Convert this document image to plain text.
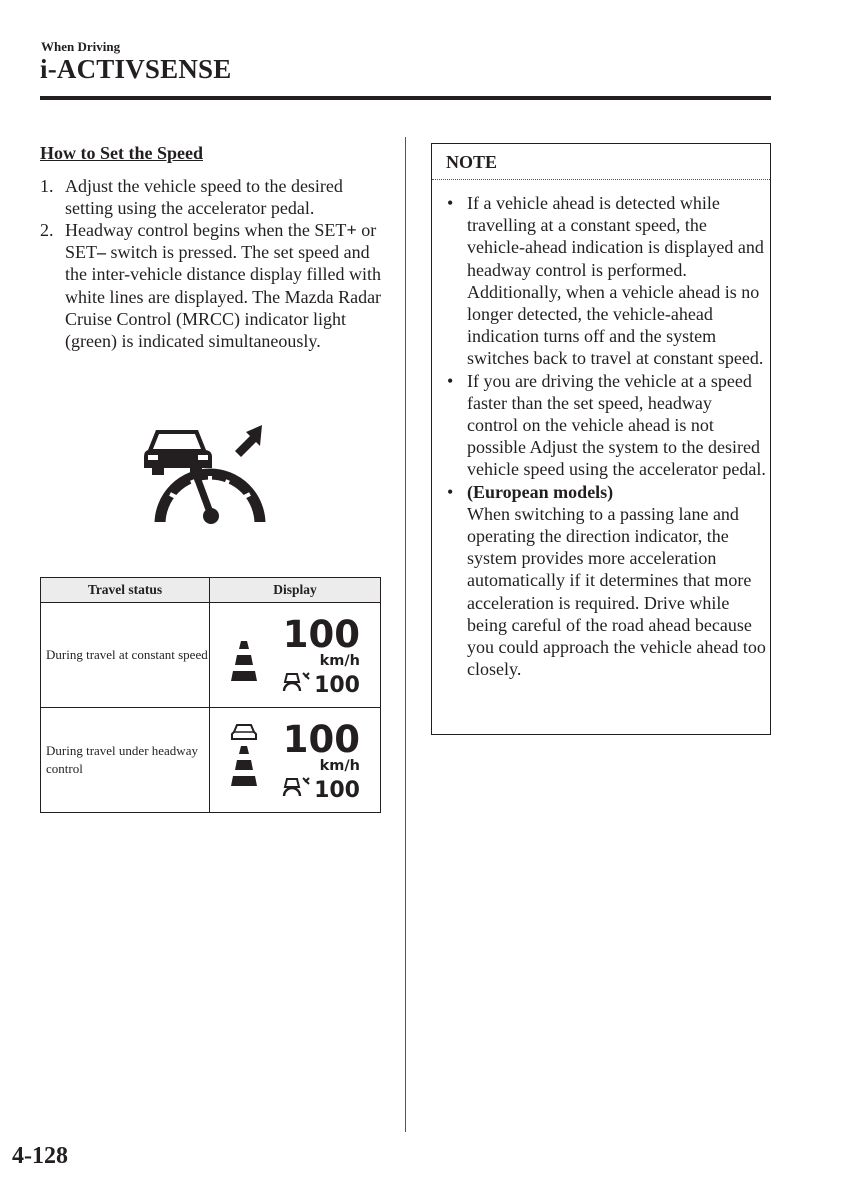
When Driving
i-ACTIVSENSE
How to Set the Speed
1. Adjust the vehicle speed to the desired setting using the accelerator pedal.
2. Headway control begins when the SET+ or SET– switch is pressed. The set speed and the inter-vehicle distance display filled with white lines are displayed. The Mazda Radar Cruise Control (MRCC) indicator light (green) is indicated simultaneously.
Travel status	Display
During travel at constant speed	100
km/h
100

During travel under headway control	100
km/h
100
NOTE
• If a vehicle ahead is detected while travelling at a constant speed, the vehicle-ahead indication is displayed and headway control is performed. Additionally, when a vehicle ahead is no longer detected, the vehicle-ahead indication turns off and the system switches back to travel at constant speed.
• If you are driving the vehicle at a speed faster than the set speed, headway control on the vehicle ahead is not possible Adjust the system to the desired vehicle speed using the accelerator pedal.
• (European models)
When switching to a passing lane and operating the direction indicator, the system provides more acceleration automatically if it determines that more acceleration is required. Drive while being careful of the road ahead because you could approach the vehicle ahead too closely.
4-128
